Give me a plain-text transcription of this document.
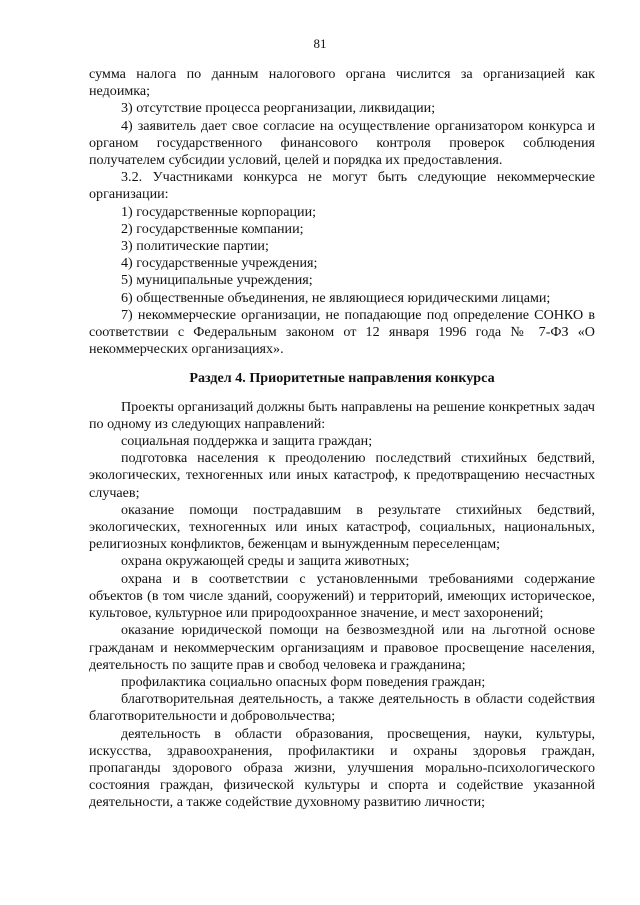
81

сумма налога по данным налогового органа числится за организацией как недоимка;

3) отсутствие процесса реорганизации, ликвидации;

4) заявитель дает свое согласие на осуществление организатором конкурса и органом государственного финансового контроля проверок соблюдения получателем субсидии условий, целей и порядка их предоставления.

3.2. Участниками конкурса не могут быть следующие некоммерческие организации:

1) государственные корпорации;

2) государственные компании;

3) политические партии;

4) государственные учреждения;

5) муниципальные учреждения;

6) общественные объединения, не являющиеся юридическими лицами;

7) некоммерческие организации, не попадающие под определение СОНКО в соответствии с Федеральным законом от 12 января 1996 года № 7-ФЗ «О некоммерческих организациях».

Раздел 4. Приоритетные направления конкурса

Проекты организаций должны быть направлены на решение конкретных задач по одному из следующих направлений:

социальная поддержка и защита граждан;

подготовка населения к преодолению последствий стихийных бедствий, экологических, техногенных или иных катастроф, к предотвращению несчастных случаев;

оказание помощи пострадавшим в результате стихийных бедствий, экологических, техногенных или иных катастроф, социальных, национальных, религиозных конфликтов, беженцам и вынужденным переселенцам;

охрана окружающей среды и защита животных;

охрана и в соответствии с установленными требованиями содержание объектов (в том числе зданий, сооружений) и территорий, имеющих историческое, культовое, культурное или природоохранное значение, и мест захоронений;

оказание юридической помощи на безвозмездной или на льготной основе гражданам и некоммерческим организациям и правовое просвещение населения, деятельность по защите прав и свобод человека и гражданина;

профилактика социально опасных форм поведения граждан;

благотворительная деятельность, а также деятельность в области содействия благотворительности и добровольчества;

деятельность в области образования, просвещения, науки, культуры, искусства, здравоохранения, профилактики и охраны здоровья граждан, пропаганды здорового образа жизни, улучшения морально-психологического состояния граждан, физической культуры и спорта и содействие указанной деятельности, а также содействие духовному развитию личности;
